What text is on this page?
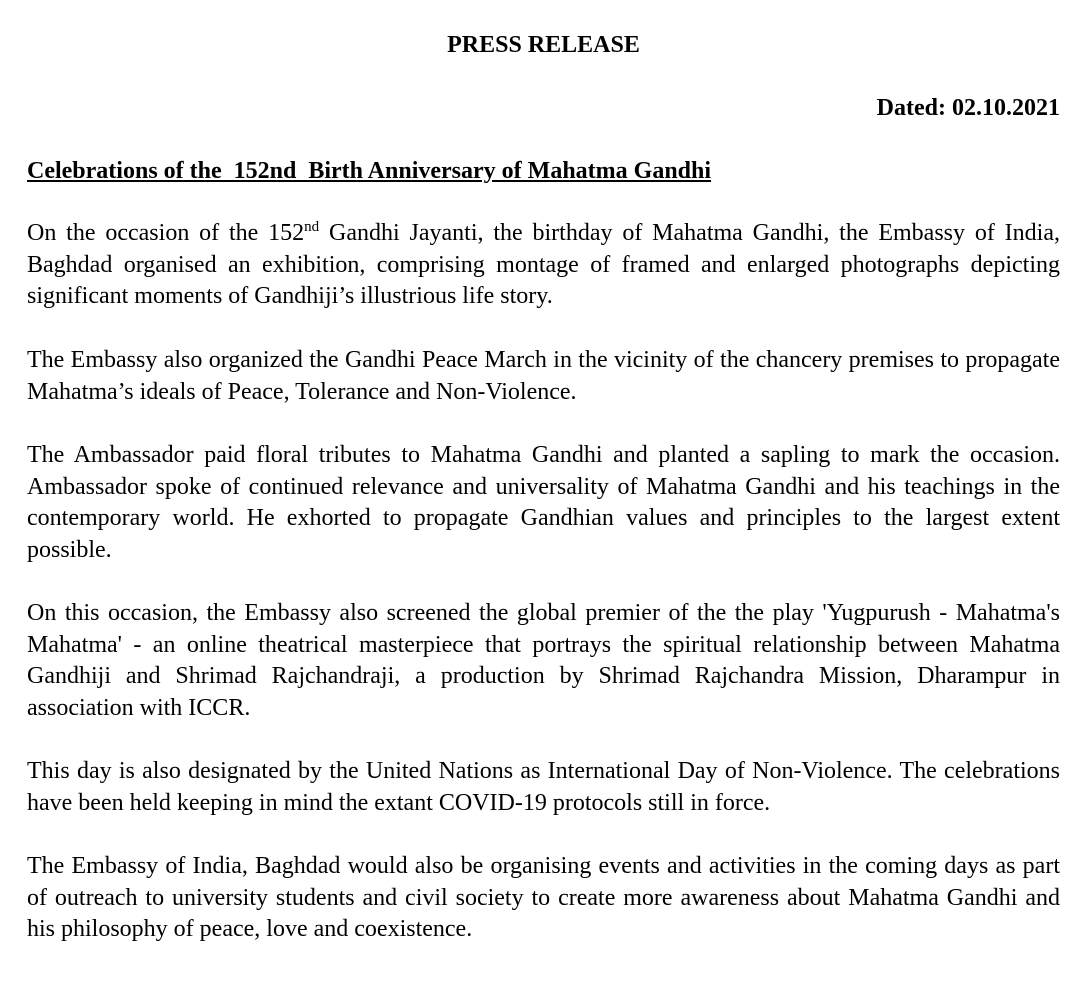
PRESS RELEASE
Dated: 02.10.2021
Celebrations of the  152nd  Birth Anniversary of Mahatma Gandhi

On the occasion of the 152nd Gandhi Jayanti, the birthday of Mahatma Gandhi, the Embassy of India, Baghdad organised an exhibition, comprising montage of framed and enlarged photographs depicting significant moments of Gandhiji’s illustrious life story.

The Embassy also organized the Gandhi Peace March in the vicinity of the chancery premises to propagate Mahatma’s ideals of Peace, Tolerance and Non-Violence.

The Ambassador paid floral tributes to Mahatma Gandhi and planted a sapling to mark the occasion. Ambassador spoke of continued relevance and universality of Mahatma Gandhi and his teachings in the contemporary world. He exhorted to propagate Gandhian values and principles to the largest extent possible.

On this occasion, the Embassy also screened the global premier of the the play 'Yugpurush - Mahatma's Mahatma' - an online theatrical masterpiece that portrays the spiritual relationship between Mahatma Gandhiji and Shrimad Rajchandraji, a production by Shrimad Rajchandra Mission, Dharampur in association with ICCR.

This day is also designated by the United Nations as International Day of Non-Violence. The celebrations have been held keeping in mind the extant COVID-19 protocols still in force.

The Embassy of India, Baghdad would also be organising events and activities in the coming days as part of outreach to university students and civil society to create more awareness about Mahatma Gandhi and his philosophy of peace, love and coexistence.
